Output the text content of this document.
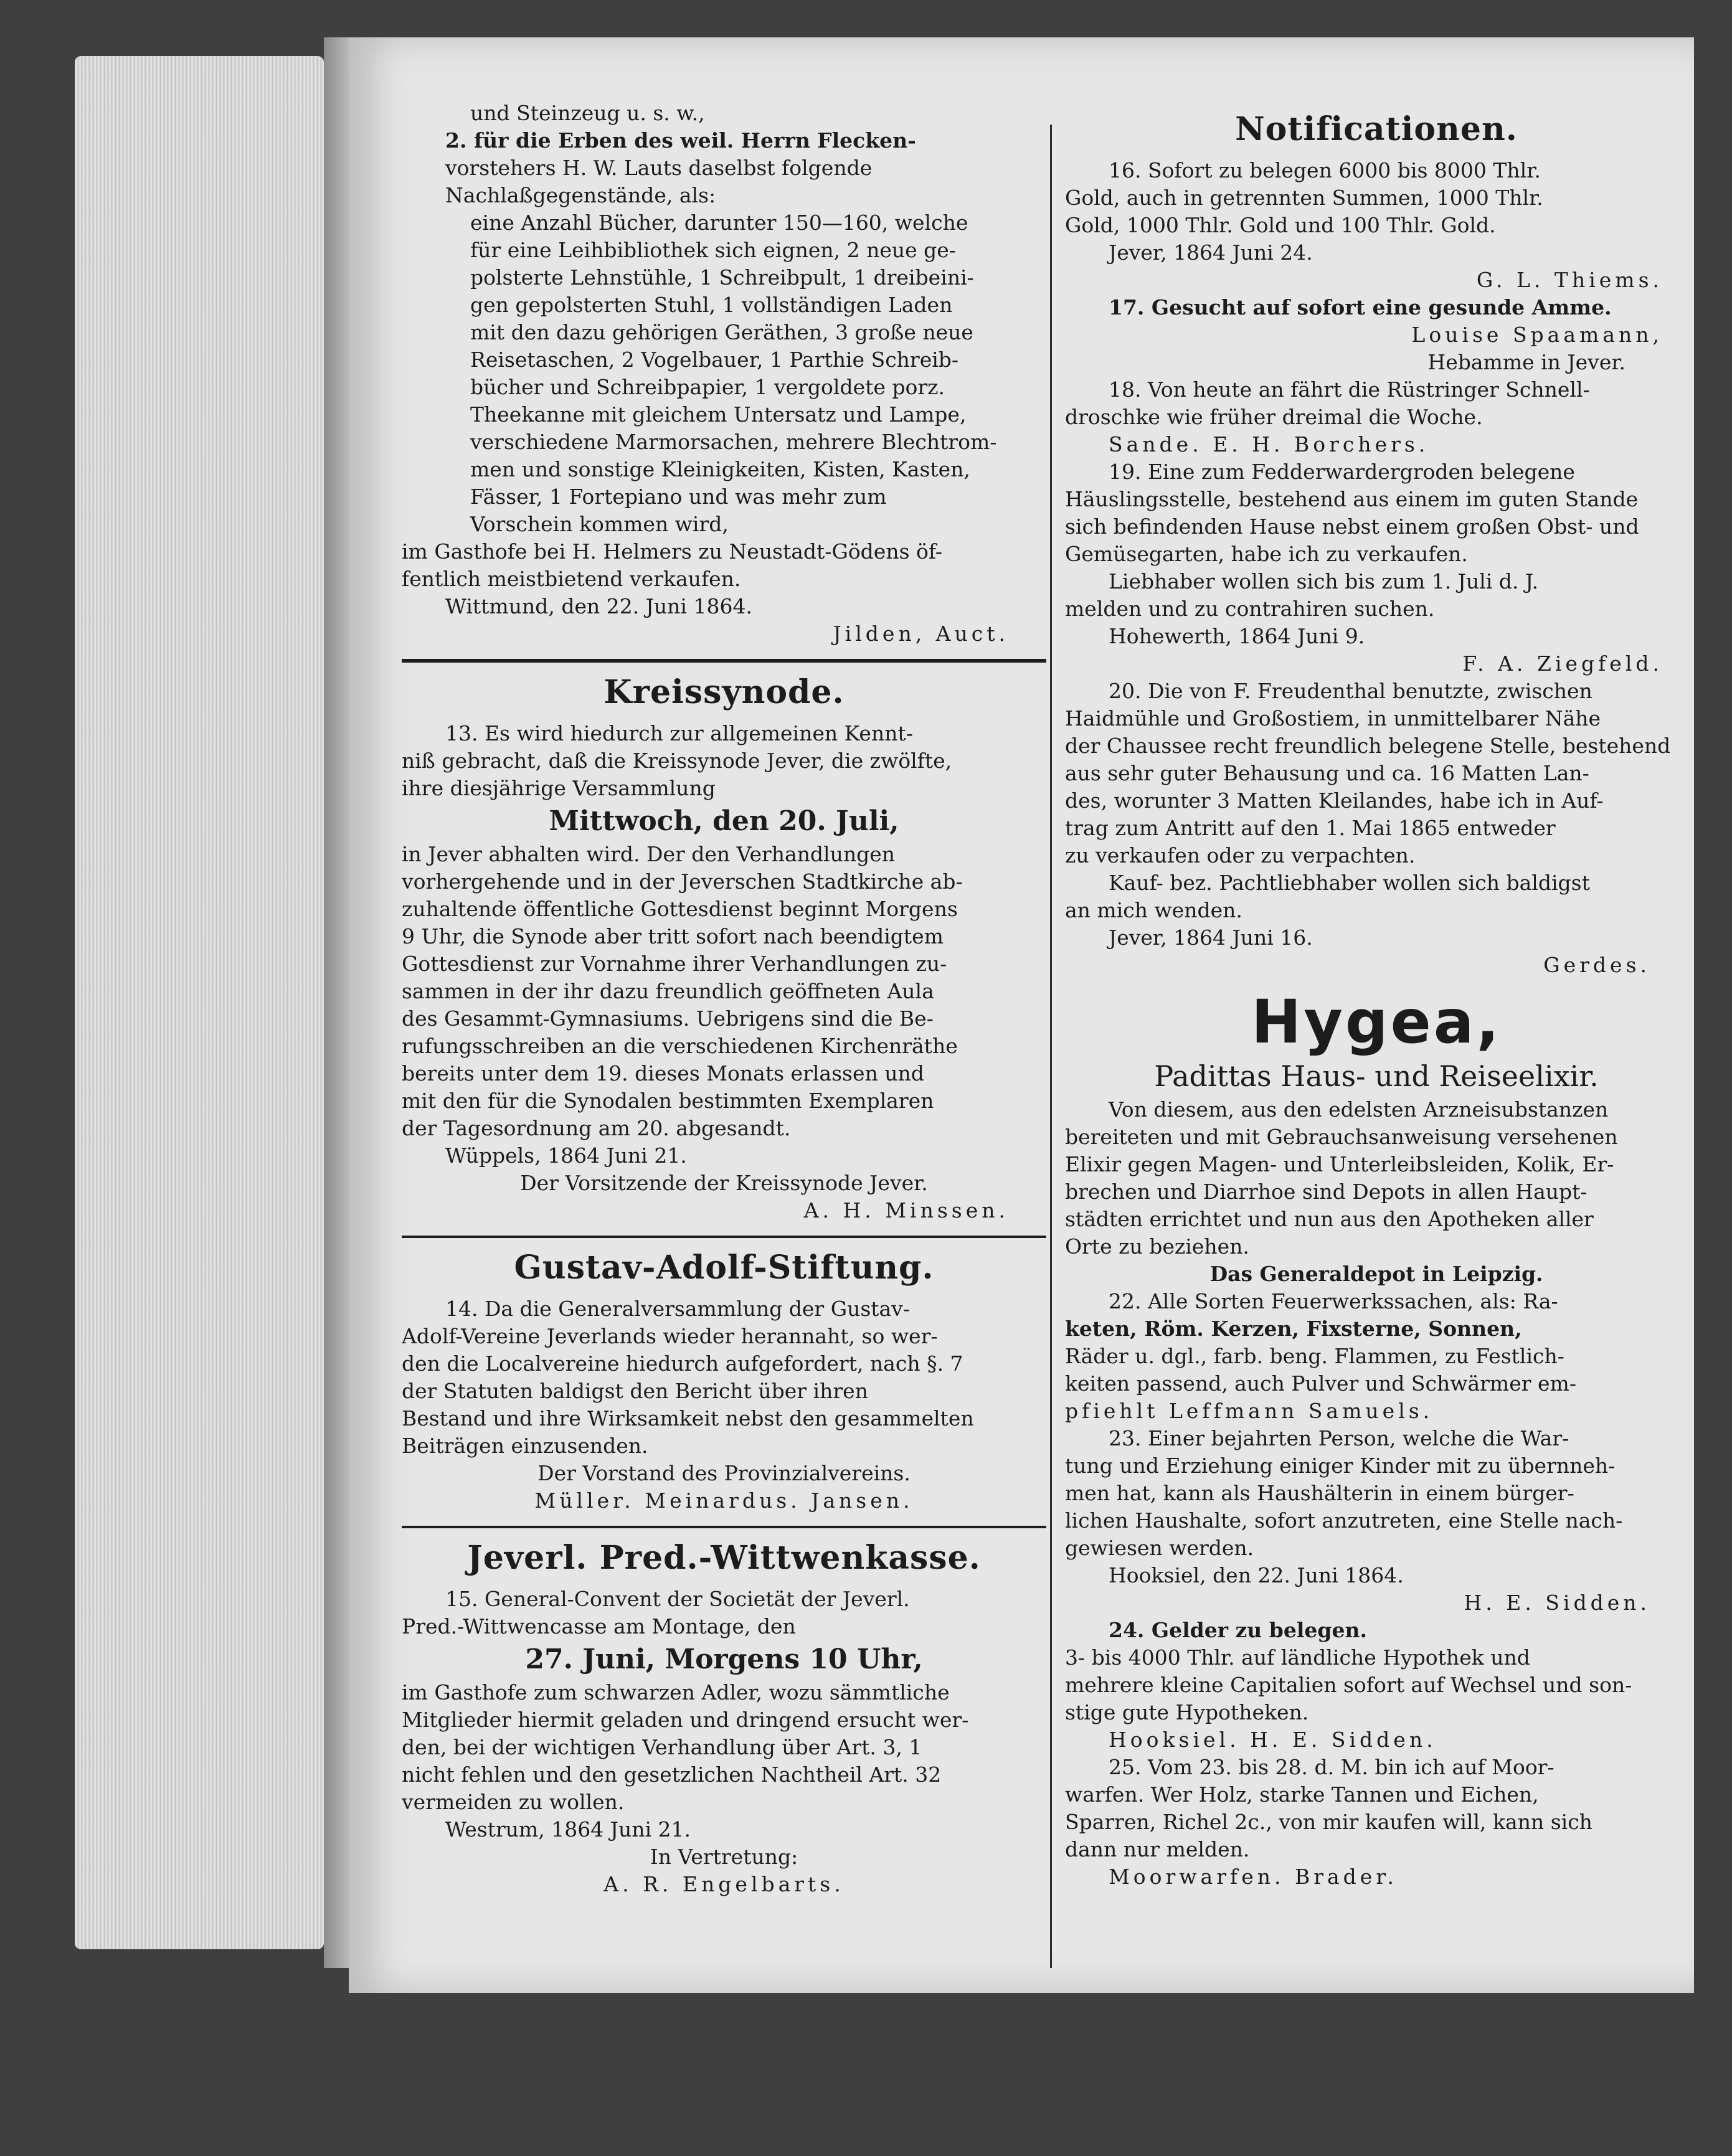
und Steinzeug u. s. w.,

2. für die Erben des weil. Herrn Flecken-

vorstehers H. W. Lauts daselbst folgende

Nachlaßgegenstände, als:

eine Anzahl Bücher, darunter 150—160, welche

für eine Leihbibliothek sich eignen, 2 neue ge-

polsterte Lehnstühle, 1 Schreibpult, 1 dreibeini-

gen gepolsterten Stuhl, 1 vollständigen Laden

mit den dazu gehörigen Geräthen, 3 große neue

Reisetaschen, 2 Vogelbauer, 1 Parthie Schreib-

bücher und Schreibpapier, 1 vergoldete porz.

Theekanne mit gleichem Untersatz und Lampe,

verschiedene Marmorsachen, mehrere Blechtrom-

men und sonstige Kleinigkeiten, Kisten, Kasten,

Fässer, 1 Fortepiano und was mehr zum

Vorschein kommen wird,

im Gasthofe bei H. Helmers zu Neustadt-Gödens öf-

fentlich meistbietend verkaufen.

Wittmund, den 22. Juni 1864.

Jilden, Auct.

Kreissynode.

13. Es wird hiedurch zur allgemeinen Kennt-

niß gebracht, daß die Kreissynode Jever, die zwölfte,

ihre diesjährige Versammlung

Mittwoch, den 20. Juli,

in Jever abhalten wird. Der den Verhandlungen

vorhergehende und in der Jeverschen Stadtkirche ab-

zuhaltende öffentliche Gottesdienst beginnt Morgens

9 Uhr, die Synode aber tritt sofort nach beendigtem

Gottesdienst zur Vornahme ihrer Verhandlungen zu-

sammen in der ihr dazu freundlich geöffneten Aula

des Gesammt-Gymnasiums. Uebrigens sind die Be-

rufungsschreiben an die verschiedenen Kirchenräthe

bereits unter dem 19. dieses Monats erlassen und

mit den für die Synodalen bestimmten Exemplaren

der Tagesordnung am 20. abgesandt.

Wüppels, 1864 Juni 21.

Der Vorsitzende der Kreissynode Jever.

A. H. Minssen.

Gustav-Adolf-Stiftung.

14. Da die Generalversammlung der Gustav-

Adolf-Vereine Jeverlands wieder herannaht, so wer-

den die Localvereine hiedurch aufgefordert, nach §. 7

der Statuten baldigst den Bericht über ihren

Bestand und ihre Wirksamkeit nebst den gesammelten

Beiträgen einzusenden.

Der Vorstand des Provinzialvereins.

Müller. Meinardus. Jansen.

Jeverl. Pred.-Wittwenkasse.

15. General-Convent der Societät der Jeverl.

Pred.-Wittwencasse am Montage, den

27. Juni, Morgens 10 Uhr,

im Gasthofe zum schwarzen Adler, wozu sämmtliche

Mitglieder hiermit geladen und dringend ersucht wer-

den, bei der wichtigen Verhandlung über Art. 3, 1

nicht fehlen und den gesetzlichen Nachtheil Art. 32

vermeiden zu wollen.

Westrum, 1864 Juni 21.

In Vertretung:

A. R. Engelbarts.

Notificationen.

16. Sofort zu belegen 6000 bis 8000 Thlr.

Gold, auch in getrennten Summen, 1000 Thlr.

Gold, 1000 Thlr. Gold und 100 Thlr. Gold.

Jever, 1864 Juni 24.

G. L. Thiems.

17. Gesucht auf sofort eine gesunde Amme.

Louise Spaamann,

Hebamme in Jever.

18. Von heute an fährt die Rüstringer Schnell-

droschke wie früher dreimal die Woche.

Sande. E. H. Borchers.

19. Eine zum Fedderwardergroden belegene

Häuslingsstelle, bestehend aus einem im guten Stande

sich befindenden Hause nebst einem großen Obst- und

Gemüsegarten, habe ich zu verkaufen.

Liebhaber wollen sich bis zum 1. Juli d. J.

melden und zu contrahiren suchen.

Hohewerth, 1864 Juni 9.

F. A. Ziegfeld.

20. Die von F. Freudenthal benutzte, zwischen

Haidmühle und Großostiem, in unmittelbarer Nähe

der Chaussee recht freundlich belegene Stelle, bestehend

aus sehr guter Behausung und ca. 16 Matten Lan-

des, worunter 3 Matten Kleilandes, habe ich in Auf-

trag zum Antritt auf den 1. Mai 1865 entweder

zu verkaufen oder zu verpachten.

Kauf- bez. Pachtliebhaber wollen sich baldigst

an mich wenden.

Jever, 1864 Juni 16.

Gerdes.

Hygea,
Padittas Haus- und Reiseelixir.

Von diesem, aus den edelsten Arzneisubstanzen

bereiteten und mit Gebrauchsanweisung versehenen

Elixir gegen Magen- und Unterleibsleiden, Kolik, Er-

brechen und Diarrhoe sind Depots in allen Haupt-

städten errichtet und nun aus den Apotheken aller

Orte zu beziehen.

Das Generaldepot in Leipzig.

22. Alle Sorten Feuerwerkssachen, als: Ra-

keten, Röm. Kerzen, Fixsterne, Sonnen,

Räder u. dgl., farb. beng. Flammen, zu Festlich-

keiten passend, auch Pulver und Schwärmer em-

pfiehlt Leffmann Samuels.

23. Einer bejahrten Person, welche die War-

tung und Erziehung einiger Kinder mit zu übernneh-

men hat, kann als Haushälterin in einem bürger-

lichen Haushalte, sofort anzutreten, eine Stelle nach-

gewiesen werden.

Hooksiel, den 22. Juni 1864.

H. E. Sidden.

24. Gelder zu belegen.

3- bis 4000 Thlr. auf ländliche Hypothek und

mehrere kleine Capitalien sofort auf Wechsel und son-

stige gute Hypotheken.

Hooksiel. H. E. Sidden.

25. Vom 23. bis 28. d. M. bin ich auf Moor-

warfen. Wer Holz, starke Tannen und Eichen,

Sparren, Richel 2c., von mir kaufen will, kann sich

dann nur melden.

Moorwarfen. Brader.
